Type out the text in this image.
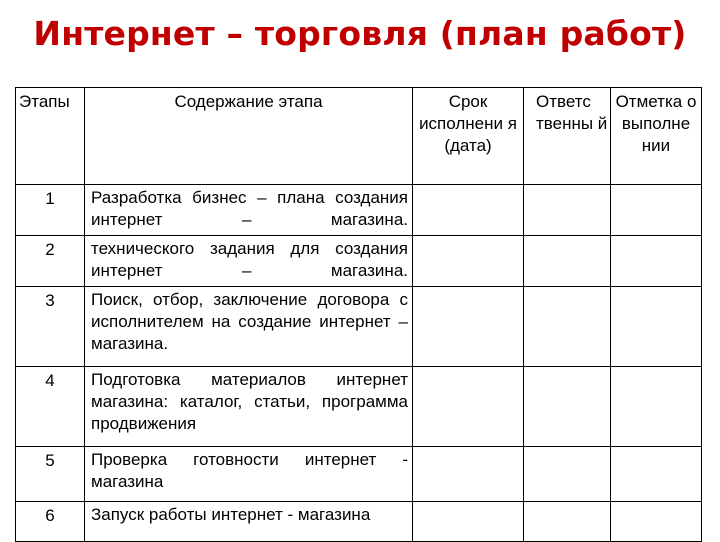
Интернет – торговля (план работ)
Этапы	Содержание этапа	Срок исполнени я (дата)	Ответс твенны й	Отметка о выполне нии
1	Разработка бизнес – плана создания интернет – магазина.			
2	технического задания для создания интернет – магазина.			
3	Поиск, отбор, заключение договора с исполнителем на создание интернет – магазина.			
4	Подготовка материалов интернет магазина: каталог, статьи, программа продвижения			
5	Проверка готовности интернет - магазина			
6	Запуск работы интернет - магазина			
